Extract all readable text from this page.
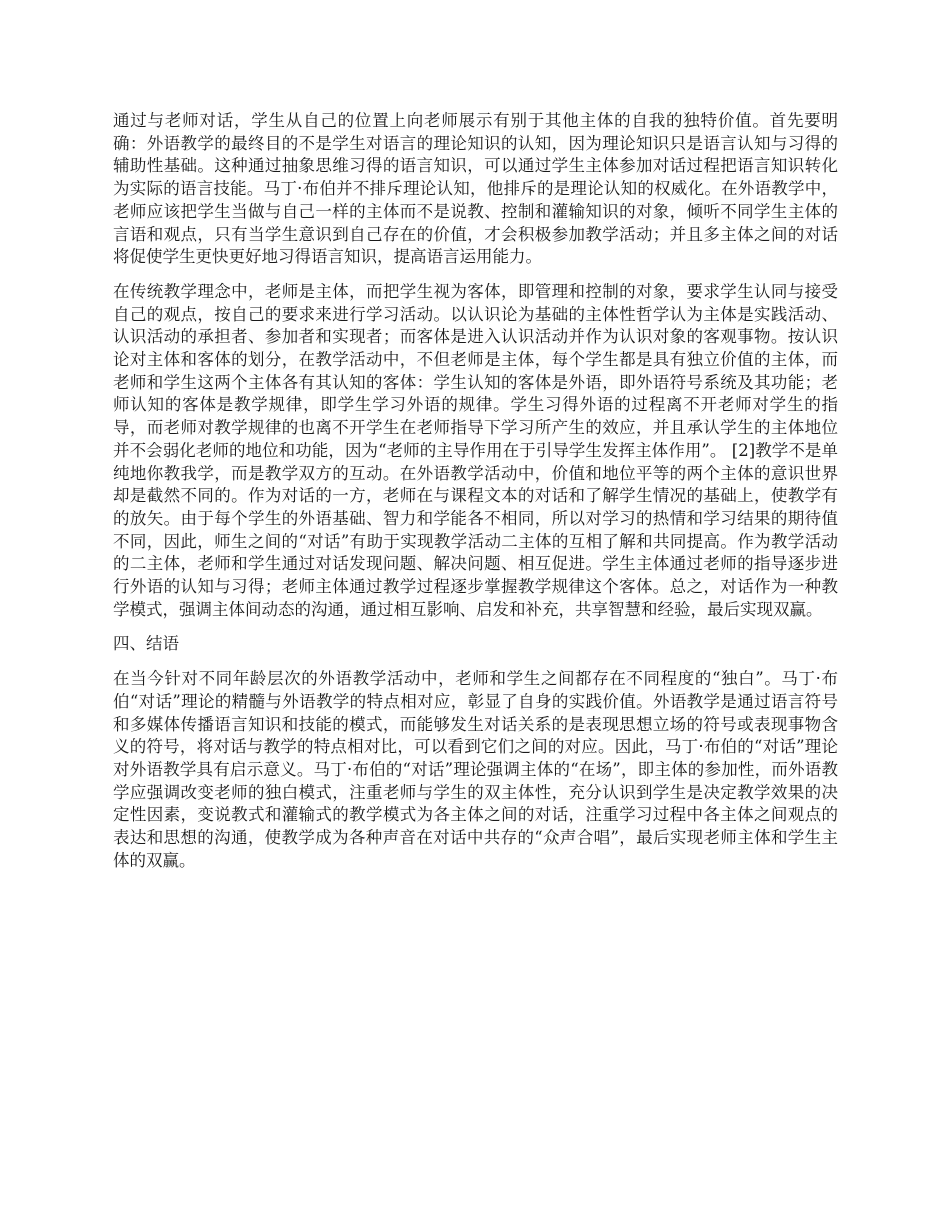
通过与老师对话，学生从自己的位置上向老师展示有别于其他主体的自我的独特价值。首先要明确：外语教学的最终目的不是学生对语言的理论知识的认知，因为理论知识只是语言认知与习得的辅助性基础。这种通过抽象思维习得的语言知识，可以通过学生主体参加对话过程把语言知识转化为实际的语言技能。马丁·布伯并不排斥理论认知，他排斥的是理论认知的权威化。在外语教学中，老师应该把学生当做与自己一样的主体而不是说教、控制和灌输知识的对象，倾听不同学生主体的言语和观点，只有当学生意识到自己存在的价值，才会积极参加教学活动；并且多主体之间的对话将促使学生更快更好地习得语言知识，提高语言运用能力。

在传统教学理念中，老师是主体，而把学生视为客体，即管理和控制的对象，要求学生认同与接受自己的观点，按自己的要求来进行学习活动。以认识论为基础的主体性哲学认为主体是实践活动、认识活动的承担者、参加者和实现者；而客体是进入认识活动并作为认识对象的客观事物。按认识论对主体和客体的划分，在教学活动中，不但老师是主体，每个学生都是具有独立价值的主体，而老师和学生这两个主体各有其认知的客体：学生认知的客体是外语，即外语符号系统及其功能；老师认知的客体是教学规律，即学生学习外语的规律。学生习得外语的过程离不开老师对学生的指导，而老师对教学规律的也离不开学生在老师指导下学习所产生的效应，并且承认学生的主体地位并不会弱化老师的地位和功能，因为“老师的主导作用在于引导学生发挥主体作用”。 [2]教学不是单纯地你教我学，而是教学双方的互动。在外语教学活动中，价值和地位平等的两个主体的意识世界却是截然不同的。作为对话的一方，老师在与课程文本的对话和了解学生情况的基础上，使教学有的放矢。由于每个学生的外语基础、智力和学能各不相同，所以对学习的热情和学习结果的期待值不同，因此，师生之间的“对话”有助于实现教学活动二主体的互相了解和共同提高。作为教学活动的二主体，老师和学生通过对话发现问题、解决问题、相互促进。学生主体通过老师的指导逐步进行外语的认知与习得；老师主体通过教学过程逐步掌握教学规律这个客体。总之，对话作为一种教学模式，强调主体间动态的沟通，通过相互影响、启发和补充，共享智慧和经验，最后实现双赢。

四、结语

在当今针对不同年龄层次的外语教学活动中，老师和学生之间都存在不同程度的“独白”。马丁·布伯“对话”理论的精髓与外语教学的特点相对应，彰显了自身的实践价值。外语教学是通过语言符号和多媒体传播语言知识和技能的模式，而能够发生对话关系的是表现思想立场的符号或表现事物含义的符号，将对话与教学的特点相对比，可以看到它们之间的对应。因此，马丁·布伯的“对话”理论对外语教学具有启示意义。马丁·布伯的“对话”理论强调主体的“在场”，即主体的参加性，而外语教学应强调改变老师的独白模式，注重老师与学生的双主体性，充分认识到学生是决定教学效果的决定性因素，变说教式和灌输式的教学模式为各主体之间的对话，注重学习过程中各主体之间观点的表达和思想的沟通，使教学成为各种声音在对话中共存的“众声合唱”，最后实现老师主体和学生主体的双赢。
